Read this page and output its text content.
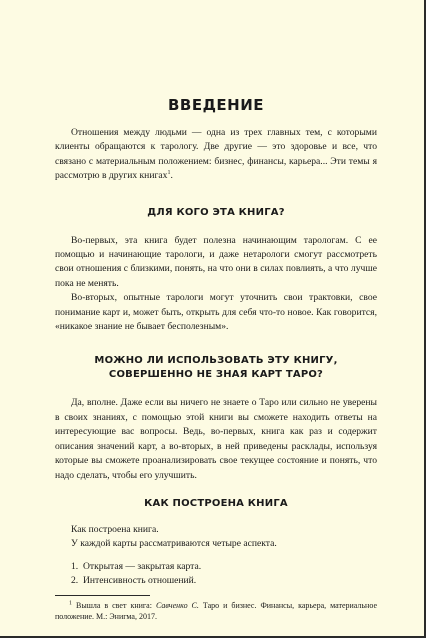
ВВЕДЕНИЕ

Отношения между людьми — одна из трех главных тем, с которыми клиенты обращаются к тарологу. Две другие — это здоровье и все, что связано с материальным положением: бизнес, финансы, карьера... Эти темы я рассмотрю в других книгах$^1$.

ДЛЯ КОГО ЭТА КНИГА?

Во-первых, эта книга будет полезна начинающим тарологам. С ее помощью и начинающие тарологи, и даже нетарологи смогут рассмотреть свои отношения с близкими, понять, на что они в силах повлиять, а что лучше пока не менять.

Во-вторых, опытные тарологи могут уточнить свои трактовки, свое понимание карт и, может быть, открыть для себя что-то новое. Как говорится, «никакое знание не бывает бесполезным».

МОЖНО ЛИ ИСПОЛЬЗОВАТЬ ЭТУ КНИГУ,
СОВЕРШЕННО НЕ ЗНАЯ КАРТ ТАРО?

Да, вполне. Даже если вы ничего не знаете о Таро или сильно не уверены в своих знаниях, с помощью этой книги вы сможете находить ответы на интересующие вас вопросы. Ведь, во-первых, книга как раз и содержит описания значений карт, а во-вторых, в ней приведены расклады, используя которые вы сможете проанализировать свое текущее состояние и понять, что надо сделать, чтобы его улучшить.

КАК ПОСТРОЕНА КНИГА

Как построена книга.

У каждой карты рассматриваются четыре аспекта.

1. Открытая — закрытая карта.
2. Интенсивность отношений.

$^1$ Вышла в свет книга: Савченко С. Таро и бизнес. Финансы, карьера, материальное положение. М.: Энигма, 2017.
